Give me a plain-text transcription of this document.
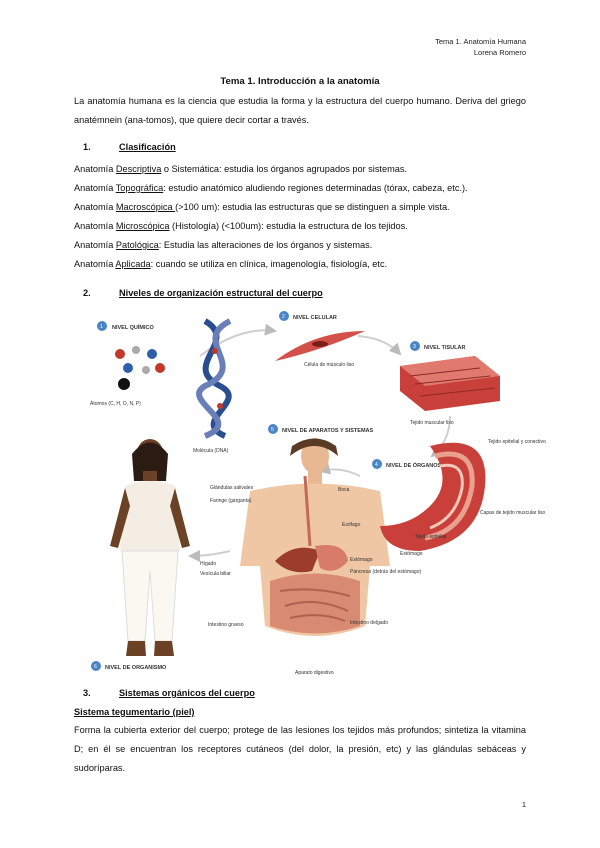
Tema 1. Anatomía Humana
Lorena Romero
Tema 1. Introducción a la anatomía
La anatomía humana es la ciencia que estudia la forma y la estructura del cuerpo humano. Deriva del griego anatémnein (ana-tomos), que quiere decir cortar a través.
1.	Clasificación
Anatomía Descriptiva o Sistemática: estudia los órganos agrupados por sistemas.
Anatomía Topográfica: estudio anatómico aludiendo regiones determinadas (tórax, cabeza, etc.).
Anatomía Macroscópica (>100 um): estudia las estructuras que se distinguen a simple vista.
Anatomía Microscópica (Histología) (<100um): estudia la estructura de los tejidos.
Anatomía Patológica: Estudia las alteraciones de los órganos y sistemas.
Anatomía Aplicada: cuando se utiliza en clínica, imagenología, fisiología, etc.
2.	Niveles de organización estructural del cuerpo
NIVEL QUÍMICO
1
Átomos (C, H, O, N, P)
Molécula (DNA)
2 NIVEL CELULAR
Célula de músculo liso
3 NIVEL TISULAR
Tejido muscular liso
5 NIVEL DE APARATOS Y SISTEMAS
Glándulas salivales	Boca
Faringe (garganta)
Esófago
Hígado
Vesícula biliar
Estómago
Páncreas (detrás del estómago)
Intestino grueso	Intestino delgado
Aparato digestivo
4 NIVEL DE ÓRGANOS
Tejido epitelial y conectivo
Capas de tejido muscular liso
Tejido epitelial
Estómago
6 NIVEL DE ORGANISMO
3.	Sistemas orgánicos del cuerpo
Sistema tegumentario (piel)
Forma la cubierta exterior del cuerpo; protege de las lesiones los tejidos más profundos; sintetiza la vitamina D; en él se encuentran los receptores cutáneos (del dolor, la presión, etc) y las glándulas sebáceas y sudoríparas.
1
